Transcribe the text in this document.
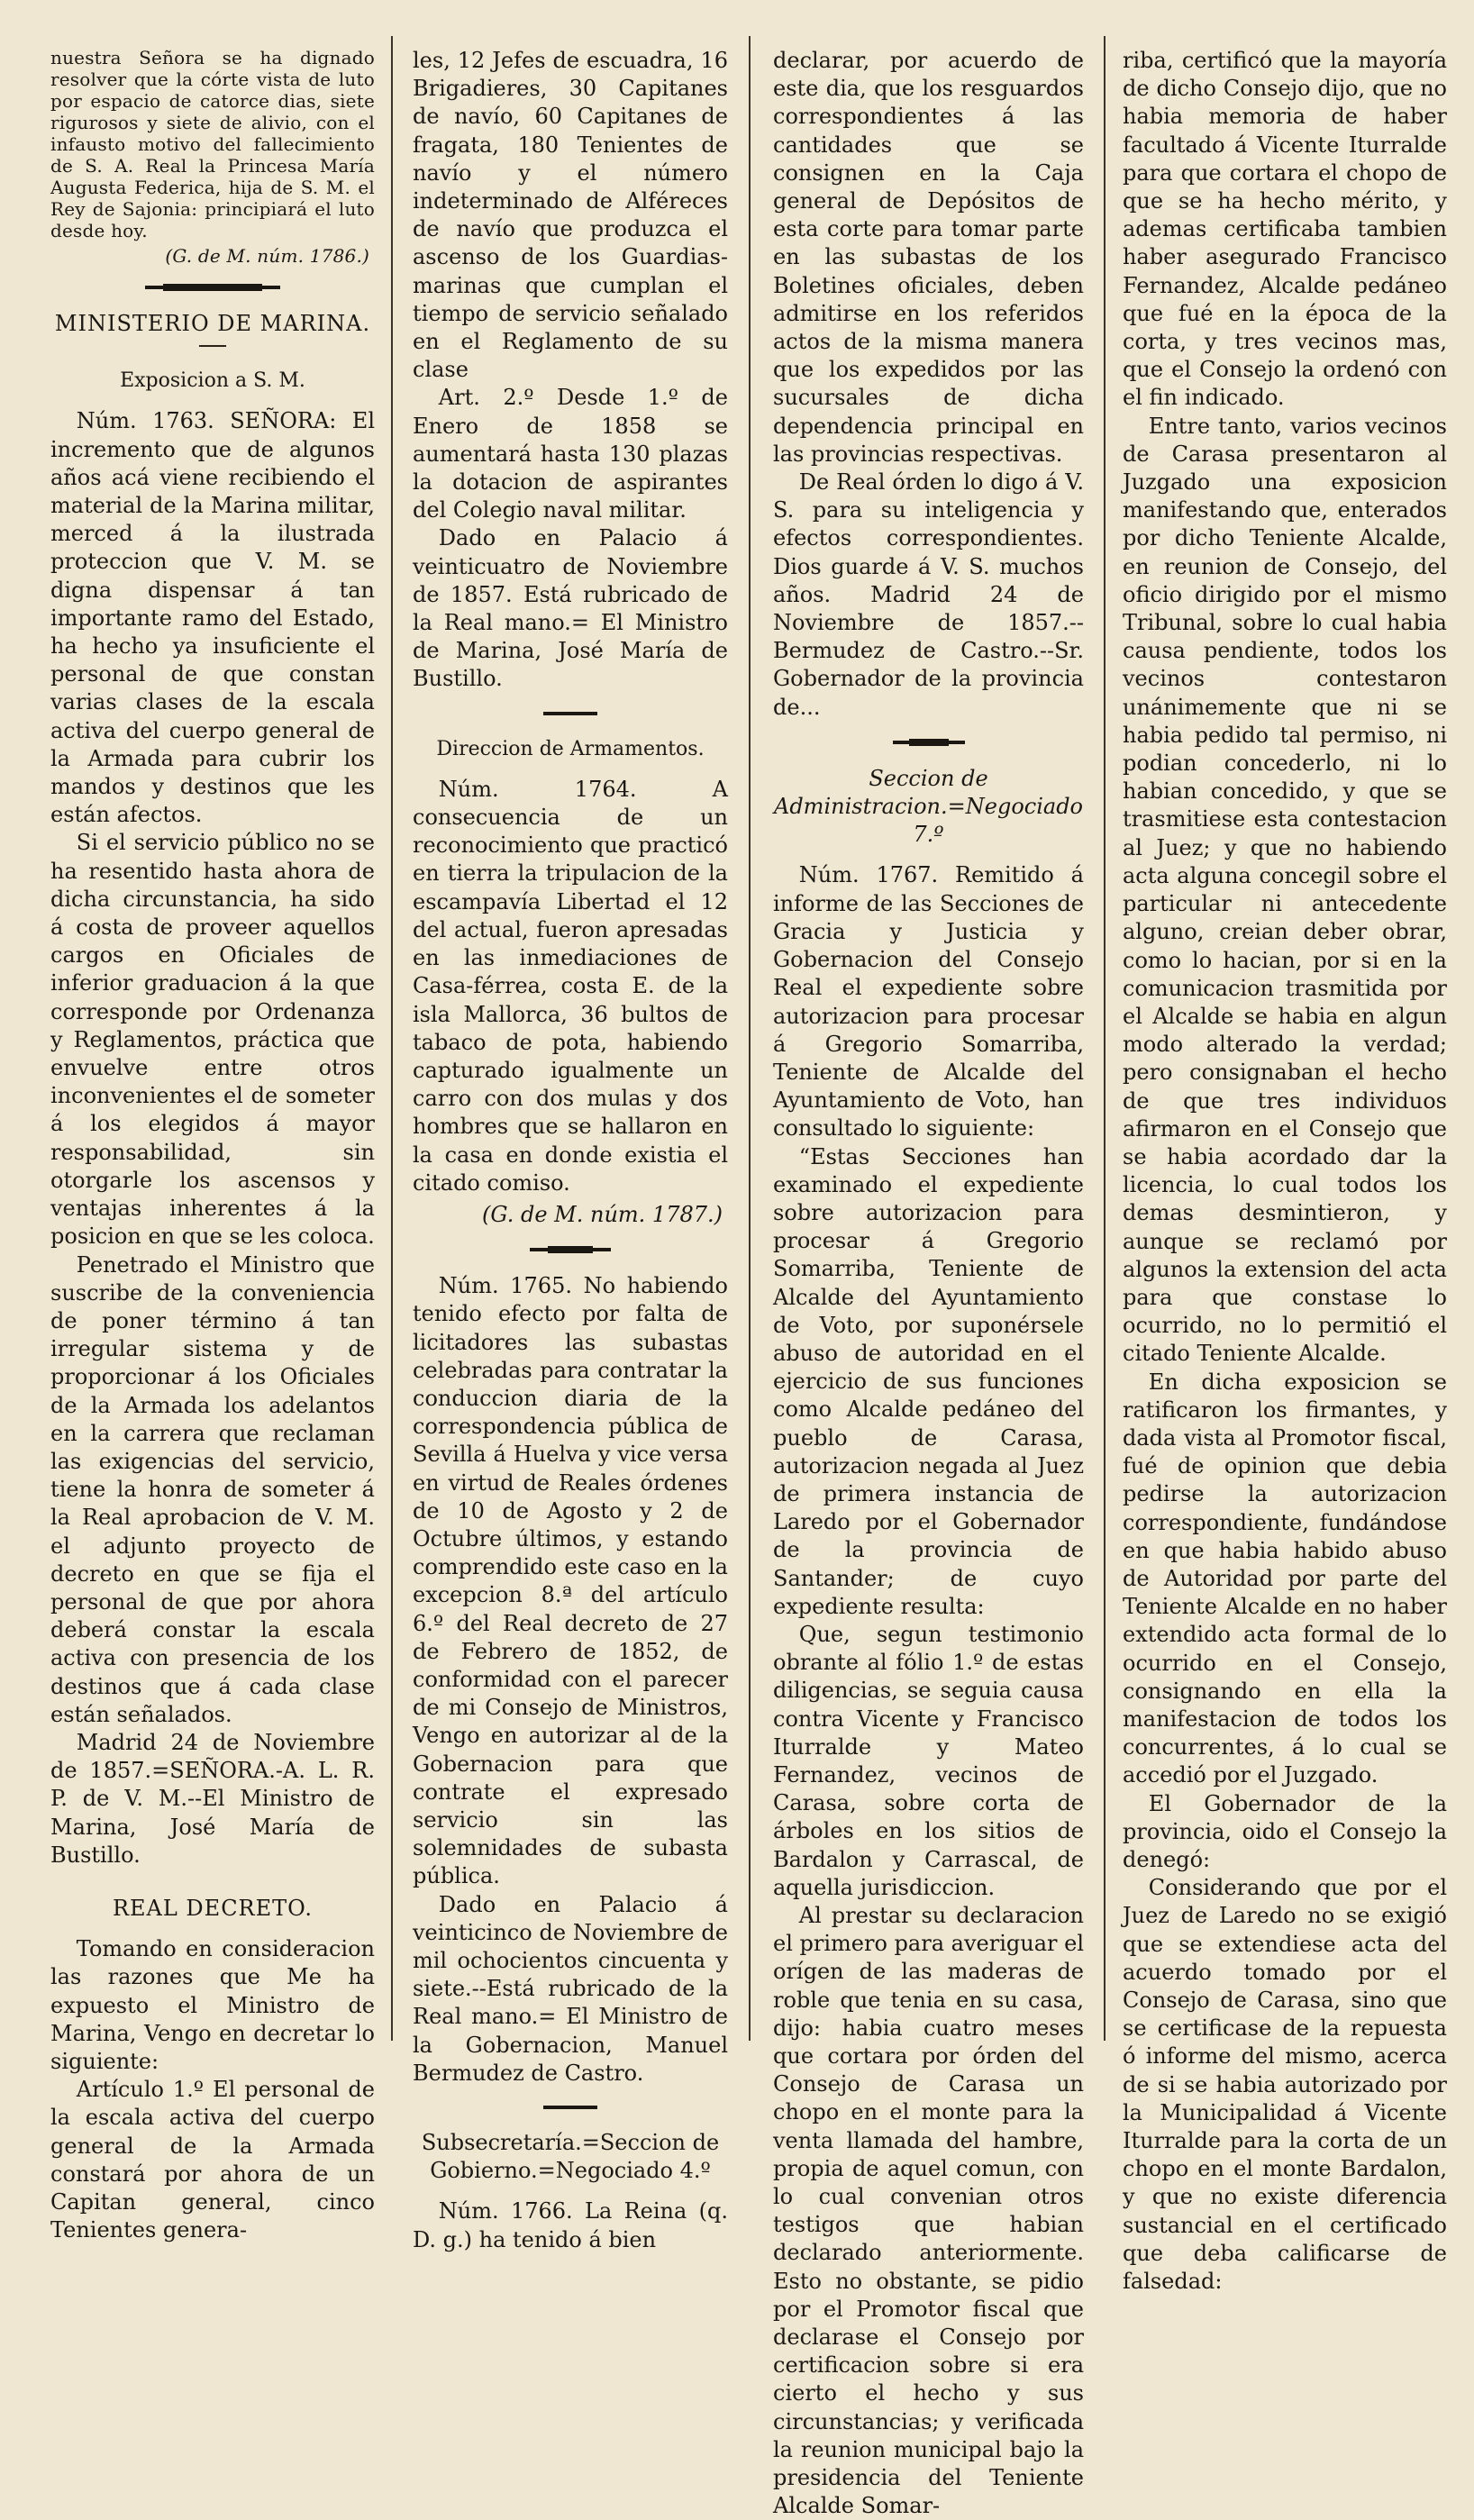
nuestra Señora se ha dignado resolver que la córte vista de luto por espacio de catorce dias, siete rigurosos y siete de alivio, con el infausto motivo del fallecimiento de S. A. Real la Princesa María Augusta Federica, hija de S. M. el Rey de Sajonia: principiará el luto desde hoy.

(G. de M. núm. 1786.)

MINISTERIO DE MARINA.

Exposicion a S. M.

Núm. 1763. SEÑORA: El incremento que de algunos años acá viene recibiendo el material de la Marina militar, merced á la ilustrada proteccion que V. M. se digna dispensar á tan importante ramo del Estado, ha hecho ya insuficiente el personal de que constan varias clases de la escala activa del cuerpo general de la Armada para cubrir los mandos y destinos que les están afectos.

Si el servicio público no se ha resentido hasta ahora de dicha circunstancia, ha sido á costa de proveer aquellos cargos en Oficiales de inferior graduacion á la que corresponde por Ordenanza y Reglamentos, práctica que envuelve entre otros inconvenientes el de someter á los elegidos á mayor responsabilidad, sin otorgarle los ascensos y ventajas inherentes á la posicion en que se les coloca.

Penetrado el Ministro que suscribe de la conveniencia de poner término á tan irregular sistema y de proporcionar á los Oficiales de la Armada los adelantos en la carrera que reclaman las exigencias del servicio, tiene la honra de someter á la Real aprobacion de V. M. el adjunto proyecto de decreto en que se fija el personal de que por ahora deberá constar la escala activa con presencia de los destinos que á cada clase están señalados.

Madrid 24 de Noviembre de 1857.=SEÑORA.-A. L. R. P. de V. M.--El Ministro de Marina, José María de Bustillo.

REAL DECRETO.

Tomando en consideracion las razones que Me ha expuesto el Ministro de Marina, Vengo en decretar lo siguiente:

Artículo 1.º El personal de la escala activa del cuerpo general de la Armada constará por ahora de un Capitan general, cinco Tenientes genera-

les, 12 Jefes de escuadra, 16 Brigadieres, 30 Capitanes de navío, 60 Capitanes de fragata, 180 Tenientes de navío y el número indeterminado de Alféreces de navío que produzca el ascenso de los Guardias-marinas que cumplan el tiempo de servicio señalado en el Reglamento de su clase

Art. 2.º Desde 1.º de Enero de 1858 se aumentará hasta 130 plazas la dotacion de aspirantes del Colegio naval militar.

Dado en Palacio á veinticuatro de Noviembre de 1857. Está rubricado de la Real mano.= El Ministro de Marina, José María de Bustillo.

Direccion de Armamentos.

Núm. 1764. A consecuencia de un reconocimiento que practicó en tierra la tripulacion de la escampavía Libertad el 12 del actual, fueron apresadas en las inmediaciones de Casa-férrea, costa E. de la isla Mallorca, 36 bultos de tabaco de pota, habiendo capturado igualmente un carro con dos mulas y dos hombres que se hallaron en la casa en donde existia el citado comiso.

(G. de M. núm. 1787.)

Núm. 1765. No habiendo tenido efecto por falta de licitadores las subastas celebradas para contratar la conduccion diaria de la correspondencia pública de Sevilla á Huelva y vice versa en virtud de Reales órdenes de 10 de Agosto y 2 de Octubre últimos, y estando comprendido este caso en la excepcion 8.ª del artículo 6.º del Real decreto de 27 de Febrero de 1852, de conformidad con el parecer de mi Consejo de Ministros, Vengo en autorizar al de la Gobernacion para que contrate el expresado servicio sin las solemnidades de subasta pública.

Dado en Palacio á veinticinco de Noviembre de mil ochocientos cincuenta y siete.--Está rubricado de la Real mano.= El Ministro de la Gobernacion, Manuel Bermudez de Castro.

Subsecretaría.=Seccion de Gobierno.=Negociado 4.º

Núm. 1766. La Reina (q. D. g.) ha tenido á bien

declarar, por acuerdo de este dia, que los resguardos correspondientes á las cantidades que se consignen en la Caja general de Depósitos de esta corte para tomar parte en las subastas de los Boletines oficiales, deben admitirse en los referidos actos de la misma manera que los expedidos por las sucursales de dicha dependencia principal en las provincias respectivas.

De Real órden lo digo á V. S. para su inteligencia y efectos correspondientes. Dios guarde á V. S. muchos años. Madrid 24 de Noviembre de 1857.--Bermudez de Castro.--Sr. Gobernador de la provincia de...

Seccion de Administracion.=Negociado 7.º

Núm. 1767. Remitido á informe de las Secciones de Gracia y Justicia y Gobernacion del Consejo Real el expediente sobre autorizacion para procesar á Gregorio Somarriba, Teniente de Alcalde del Ayuntamiento de Voto, han consultado lo siguiente:

“Estas Secciones han examinado el expediente sobre autorizacion para procesar á Gregorio Somarriba, Teniente de Alcalde del Ayuntamiento de Voto, por suponérsele abuso de autoridad en el ejercicio de sus funciones como Alcalde pedáneo del pueblo de Carasa, autorizacion negada al Juez de primera instancia de Laredo por el Gobernador de la provincia de Santander; de cuyo expediente resulta:

Que, segun testimonio obrante al fólio 1.º de estas diligencias, se seguia causa contra Vicente y Francisco Iturralde y Mateo Fernandez, vecinos de Carasa, sobre corta de árboles en los sitios de Bardalon y Carrascal, de aquella jurisdiccion.

Al prestar su declaracion el primero para averiguar el orígen de las maderas de roble que tenia en su casa, dijo: habia cuatro meses que cortara por órden del Consejo de Carasa un chopo en el monte para la venta llamada del hambre, propia de aquel comun, con lo cual convenian otros testigos que habian declarado anteriormente. Esto no obstante, se pidio por el Promotor fiscal que declarase el Consejo por certificacion sobre si era cierto el hecho y sus circunstancias; y verificada la reunion municipal bajo la presidencia del Teniente Alcalde Somar-

riba, certificó que la mayoría de dicho Consejo dijo, que no habia memoria de haber facultado á Vicente Iturralde para que cortara el chopo de que se ha hecho mérito, y ademas certificaba tambien haber asegurado Francisco Fernandez, Alcalde pedáneo que fué en la época de la corta, y tres vecinos mas, que el Consejo la ordenó con el fin indicado.

Entre tanto, varios vecinos de Carasa presentaron al Juzgado una exposicion manifestando que, enterados por dicho Teniente Alcalde, en reunion de Consejo, del oficio dirigido por el mismo Tribunal, sobre lo cual habia causa pendiente, todos los vecinos contestaron unánimemente que ni se habia pedido tal permiso, ni podian concederlo, ni lo habian concedido, y que se trasmitiese esta contestacion al Juez; y que no habiendo acta alguna concegil sobre el particular ni antecedente alguno, creian deber obrar, como lo hacian, por si en la comunicacion trasmitida por el Alcalde se habia en algun modo alterado la verdad; pero consignaban el hecho de que tres individuos afirmaron en el Consejo que se habia acordado dar la licencia, lo cual todos los demas desmintieron, y aunque se reclamó por algunos la extension del acta para que constase lo ocurrido, no lo permitió el citado Teniente Alcalde.

En dicha exposicion se ratificaron los firmantes, y dada vista al Promotor fiscal, fué de opinion que debia pedirse la autorizacion correspondiente, fundándose en que habia habido abuso de Autoridad por parte del Teniente Alcalde en no haber extendido acta formal de lo ocurrido en el Consejo, consignando en ella la manifestacion de todos los concurrentes, á lo cual se accedió por el Juzgado.

El Gobernador de la provincia, oido el Consejo la denegó:

Considerando que por el Juez de Laredo no se exigió que se extendiese acta del acuerdo tomado por el Consejo de Carasa, sino que se certificase de la repuesta ó informe del mismo, acerca de si se habia autorizado por la Municipalidad á Vicente Iturralde para la corta de un chopo en el monte Bardalon, y que no existe diferencia sustancial en el certificado que deba calificarse de falsedad:
